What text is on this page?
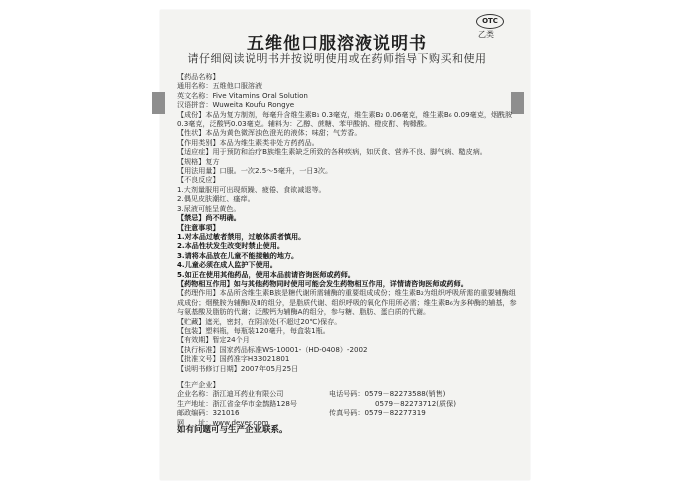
OTC
乙类
五维他口服溶液说明书
请仔细阅读说明书并按说明使用或在药师指导下购买和使用
【药品名称】
通用名称：五维他口服溶液
英文名称：Five Vitamins Oral Solution
汉语拼音：Wuweita Koufu Rongye
【成份】本品为复方制剂，每毫升含维生素B₁ 0.3毫克，维生素B₂ 0.06毫克，维生素B₆ 0.09毫克，烟酰胺0.3毫克，泛酸钙0.03毫克。辅料为：乙醇、蔗糖、苯甲酸钠、橙皮酊、枸橼酸。
【性状】本品为黄色微浑浊色澄光的液体；味甜；气芳香。
【作用类别】本品为维生素类非处方药药品。
【适应症】用于预防和治疗B族维生素缺乏所致的各种疾病，如厌食、营养不良、脚气病、糙皮病。
【规格】复方
【用法用量】口服。一次2.5～5毫升，一日3次。
【不良反应】
1.大剂量服用可出现烦躁、疲倦、食欲减退等。
2.偶见皮肤潮红、瘙痒。
3.尿液可能呈黄色。
【禁忌】尚不明确。
【注意事项】
1.对本品过敏者禁用，过敏体质者慎用。
2.本品性状发生改变时禁止使用。
3.请将本品放在儿童不能接触的地方。
4.儿童必须在成人监护下使用。
5.如正在使用其他药品，使用本品前请咨询医师或药师。
【药物相互作用】如与其他药物同时使用可能会发生药物相互作用，详情请咨询医师或药师。
【药理作用】本品所含维生素B族是糖代谢所需辅酶的重要组成成份；维生素B₂为组织呼吸所需的重要辅酶组成成份；烟酰胺为辅酶Ⅰ及Ⅱ的组分，是脂质代谢、组织呼吸的氧化作用所必需；维生素B₆为多种酶的辅基，参与氨基酸及脂肪的代谢；泛酸钙为辅酶A的组分，参与糖、脂肪、蛋白质的代谢。
【贮藏】遮光，密封，在阴凉处(不超过20℃)保存。
【包装】塑料瓶，每瓶装120毫升，每盒装1瓶。
【有效期】暂定24个月
【执行标准】国家药品标准WS-10001-（HD-0408）-2002
【批准文号】国药准字H33021801
【说明书修订日期】2007年05月25日
【生产企业】
企业名称：浙江迪耳药业有限公司	电话号码：0579－82273588(销售)
生产地址：浙江省金华市金鹊路128号	0579－82273712(质保)
邮政编码：321016	传真号码：0579－82277319
网　　址：www.deyer.com
如有问题可与生产企业联系。
